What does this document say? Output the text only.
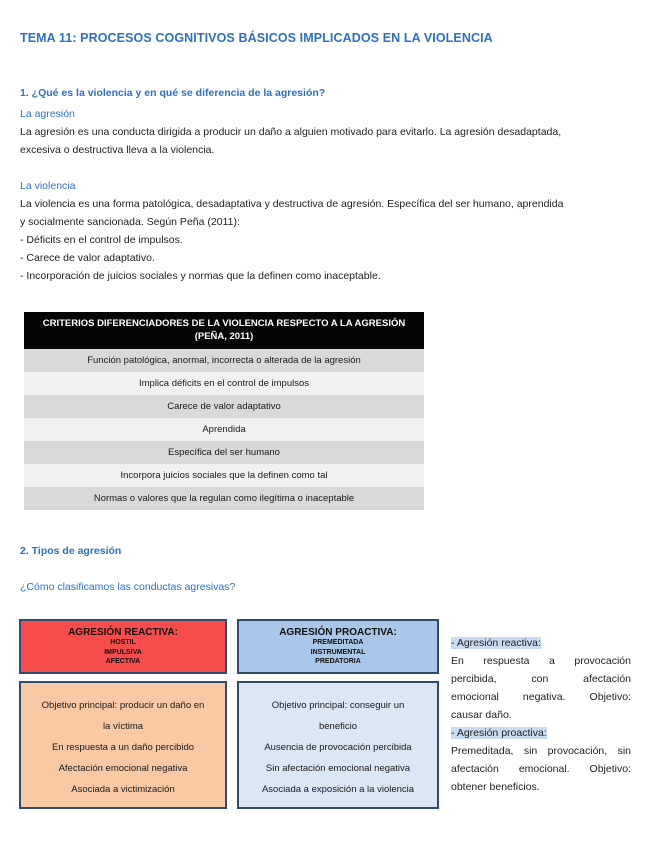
TEMA 11: PROCESOS COGNITIVOS BÁSICOS IMPLICADOS EN LA VIOLENCIA
1. ¿Qué es la violencia y en qué se diferencia de la agresión?
La agresión
La agresión es una conducta dirigida a producir un daño a alguien motivado para evitarlo. La agresión desadaptada,
excesiva o destructiva lleva a la violencia.
La violencia
La violencia es una forma patológica, desadaptativa y destructiva de agresión. Específica del ser humano, aprendida
y socialmente sancionada. Según Peña (2011):
- Déficits en el control de impulsos.
- Carece de valor adaptativo.
- Incorporación de juicios sociales y normas que la definen como inaceptable.
CRITERIOS DIFERENCIADORES DE LA VIOLENCIA RESPECTO A LA AGRESIÓN
(PEÑA, 2011)
Función patológica, anormal, incorrecta o alterada de la agresión
Implica déficits en el control de impulsos
Carece de valor adaptativo
Aprendida
Específica del ser humano
Incorpora juicios sociales que la definen como tal
Normas o valores que la regulan como ilegítima o inaceptable
2. Tipos de agresión
¿Cómo clasificamos las conductas agresivas?
AGRESIÓN REACTIVA:
HOSTIL
IMPULSIVA
AFECTIVA
AGRESIÓN PROACTIVA:
PREMEDITADA
INSTRUMENTAL
PREDATORIA
Objetivo principal: producir un daño en
la víctima
En respuesta a un daño percibido
Afectación emocional negativa
Asociada a victimización
Objetivo principal: conseguir un
beneficio
Ausencia de provocación percibida
Sin afectación emocional negativa
Asociada a exposición a la violencia
- Agresión reactiva:
En respuesta a provocación
percibida, con afectación
emocional negativa. Objetivo:
causar daño.
- Agresión proactiva:
Premeditada, sin provocación, sin
afectación emocional. Objetivo:
obtener beneficios.
